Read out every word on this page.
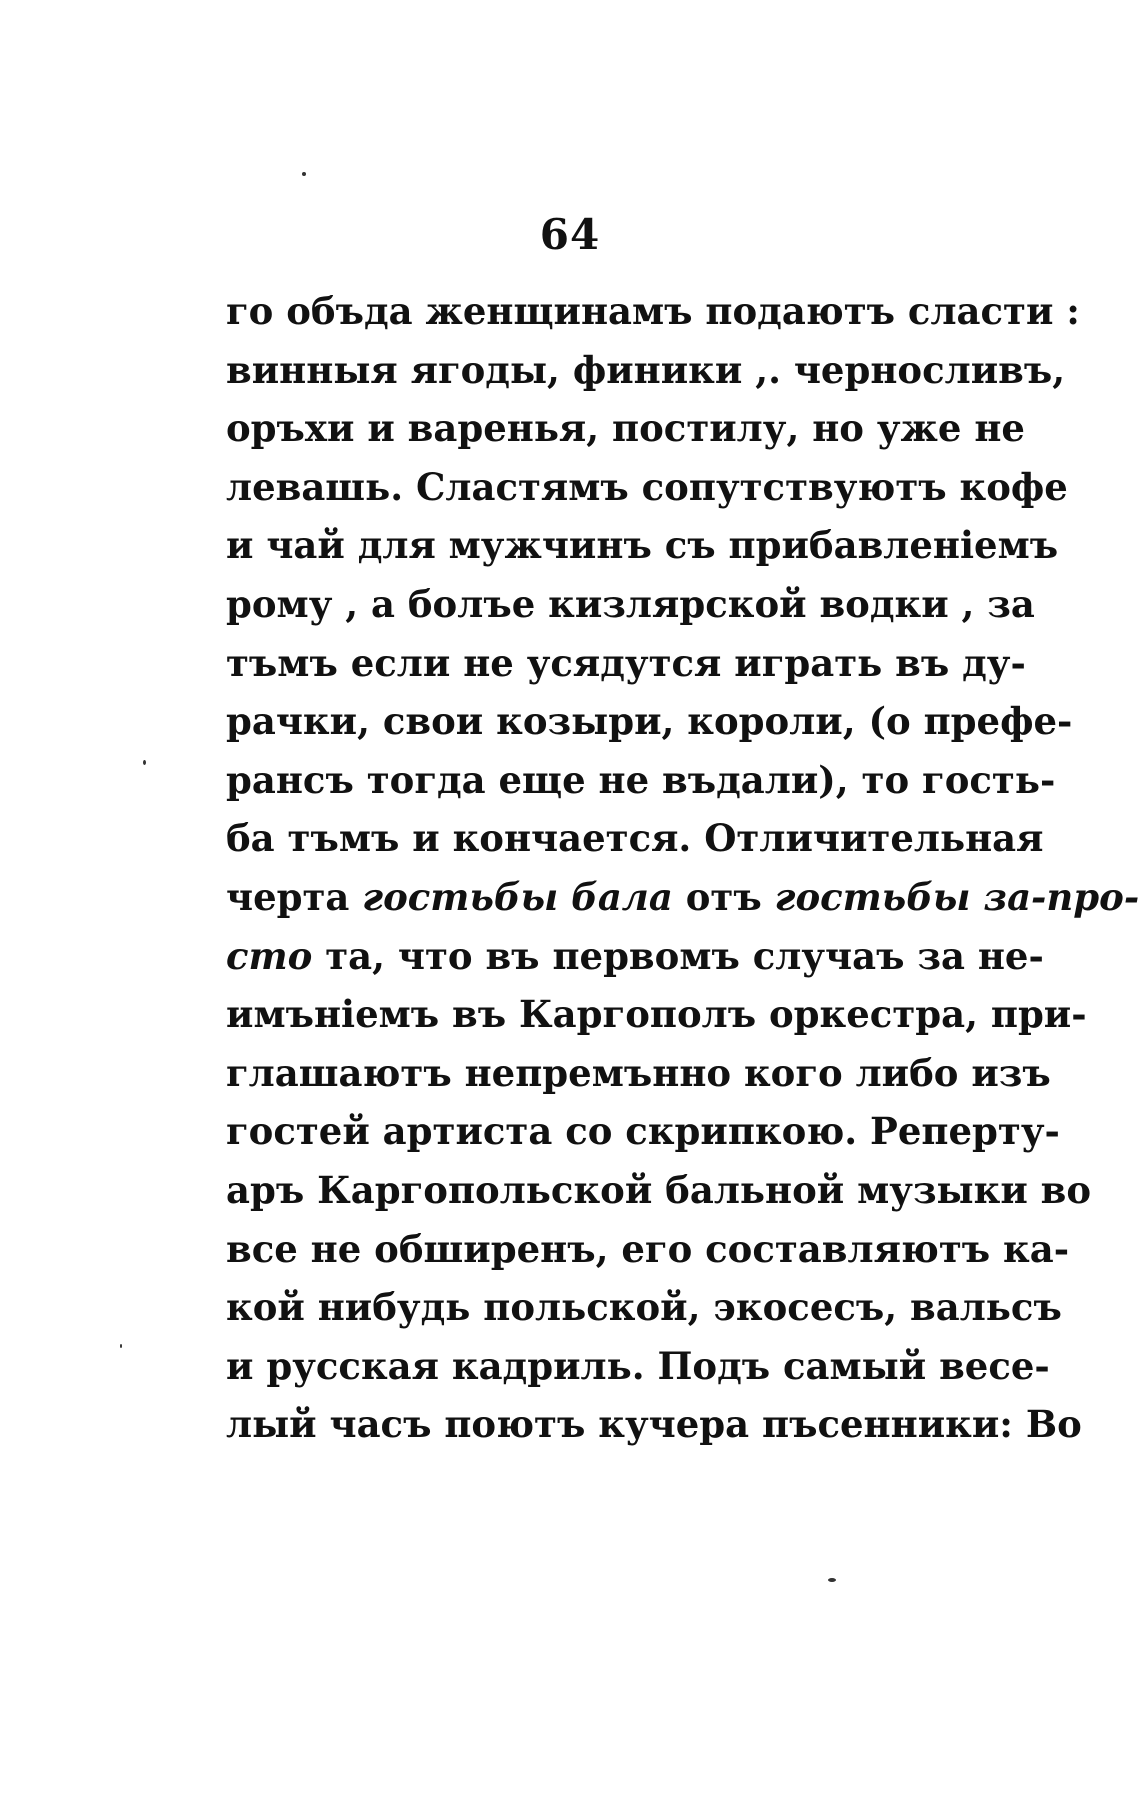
64
го объда женщинамъ подаютъ сласти :
винныя ягоды, финики ,. черносливъ,
оръхи и варенья, постилу, но уже не
левашь. Сластямъ сопутствуютъ кофе
и чай для мужчинъ съ прибавленіемъ
рому , а болъе кизлярской водки , за
тъмъ если не усядутся играть въ ду-
рачки, свои козыри, короли, (о префе-
рансъ тогда еще не въдали), то гость-
ба тъмъ и кончается. Отличительная
черта гостьбы бала отъ гостьбы за-про-
сто та, что въ первомъ случаъ за не-
имъніемъ въ Каргополъ оркестра, при-
глашаютъ непремънно кого либо изъ
гостей артиста со скрипкою. Реперту-
аръ Каргопольской бальной музыки во
все не обширенъ, его составляютъ ка-
кой нибудь польской, экосесъ, вальсъ
и русская кадриль. Подъ самый весе-
лый часъ поютъ кучера пъсенники: Во
